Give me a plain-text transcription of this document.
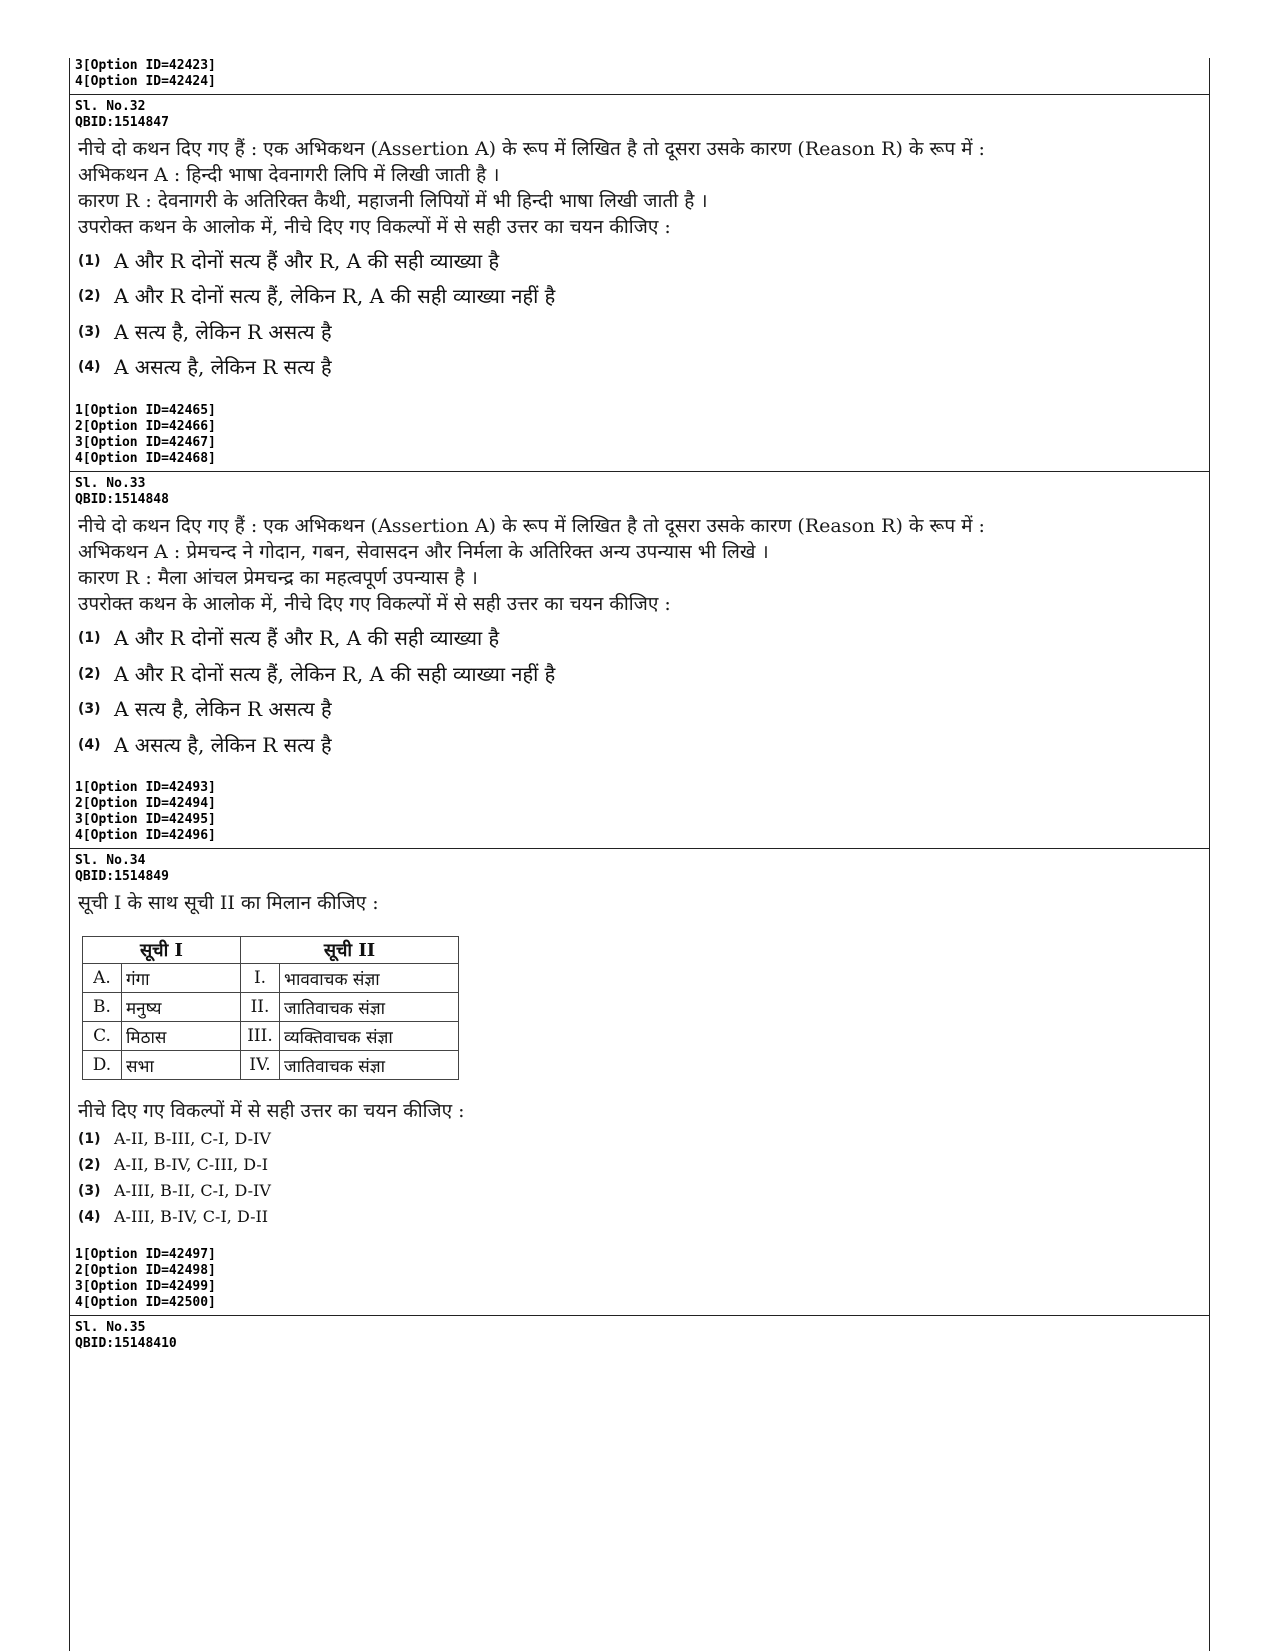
3[Option ID=42423]
4[Option ID=42424]
Sl. No.32
QBID:1514847
नीचे दो कथन दिए गए हैं : एक अभिकथन (Assertion A) के रूप में लिखित है तो दूसरा उसके कारण (Reason R) के रूप में :
अभिकथन A : हिन्दी भाषा देवनागरी लिपि में लिखी जाती है ।
कारण R : देवनागरी के अतिरिक्त कैथी, महाजनी लिपियों में भी हिन्दी भाषा लिखी जाती है ।
उपरोक्त कथन के आलोक में, नीचे दिए गए विकल्पों में से सही उत्तर का चयन कीजिए :
(1) A और R दोनों सत्य हैं और R, A की सही व्याख्या है
(2) A और R दोनों सत्य हैं, लेकिन R, A की सही व्याख्या नहीं है
(3) A सत्य है, लेकिन R असत्य है
(4) A असत्य है, लेकिन R सत्य है
1[Option ID=42465]
2[Option ID=42466]
3[Option ID=42467]
4[Option ID=42468]
Sl. No.33
QBID:1514848
नीचे दो कथन दिए गए हैं : एक अभिकथन (Assertion A) के रूप में लिखित है तो दूसरा उसके कारण (Reason R) के रूप में :
अभिकथन A : प्रेमचन्द ने गोदान, गबन, सेवासदन और निर्मला के अतिरिक्त अन्य उपन्यास भी लिखे ।
कारण R : मैला आंचल प्रेमचन्द्र का महत्वपूर्ण उपन्यास है ।
उपरोक्त कथन के आलोक में, नीचे दिए गए विकल्पों में से सही उत्तर का चयन कीजिए :
(1) A और R दोनों सत्य हैं और R, A की सही व्याख्या है
(2) A और R दोनों सत्य हैं, लेकिन R, A की सही व्याख्या नहीं है
(3) A सत्य है, लेकिन R असत्य है
(4) A असत्य है, लेकिन R सत्य है
1[Option ID=42493]
2[Option ID=42494]
3[Option ID=42495]
4[Option ID=42496]
Sl. No.34
QBID:1514849
सूची I के साथ सूची II का मिलान कीजिए :
सूची I		सूची II	
A.	गंगा	I.	भाववाचक संज्ञा
B.	मनुष्य	II.	जातिवाचक संज्ञा
C.	मिठास	III.	व्यक्तिवाचक संज्ञा
D.	सभा	IV.	जातिवाचक संज्ञा
नीचे दिए गए विकल्पों में से सही उत्तर का चयन कीजिए :
(1) A-II, B-III, C-I, D-IV
(2) A-II, B-IV, C-III, D-I
(3) A-III, B-II, C-I, D-IV
(4) A-III, B-IV, C-I, D-II
1[Option ID=42497]
2[Option ID=42498]
3[Option ID=42499]
4[Option ID=42500]
Sl. No.35
QBID:15148410
